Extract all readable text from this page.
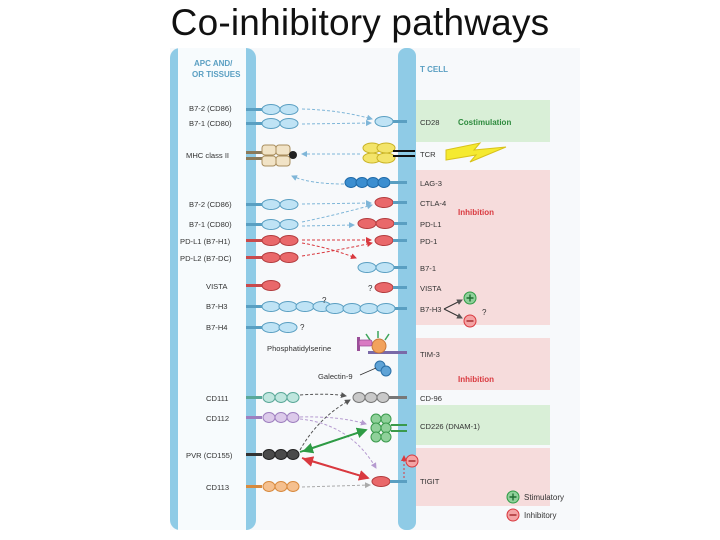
Co-inhibitory pathways
APC AND/
OR TISSUES
T CELL
B7-2 (CD86)
B7-1 (CD80)
MHC class II
B7-2 (CD86)
B7-1 (CD80)
PD-L1 (B7-H1)
PD-L2 (B7-DC)
VISTA
B7-H3
B7-H4
Phosphatidylserine
Galectin-9
CD111
CD112
PVR (CD155)
CD113
CD28
TCR
LAG-3
CTLA-4
PD-L1
PD-1
B7-1
VISTA
B7-H3
TIM-3
CD-96
CD226 (DNAM-1)
TIGIT
Costimulation
Inhibition
Inhibition
?
?
?
?
Stimulatory
Inhibitory
